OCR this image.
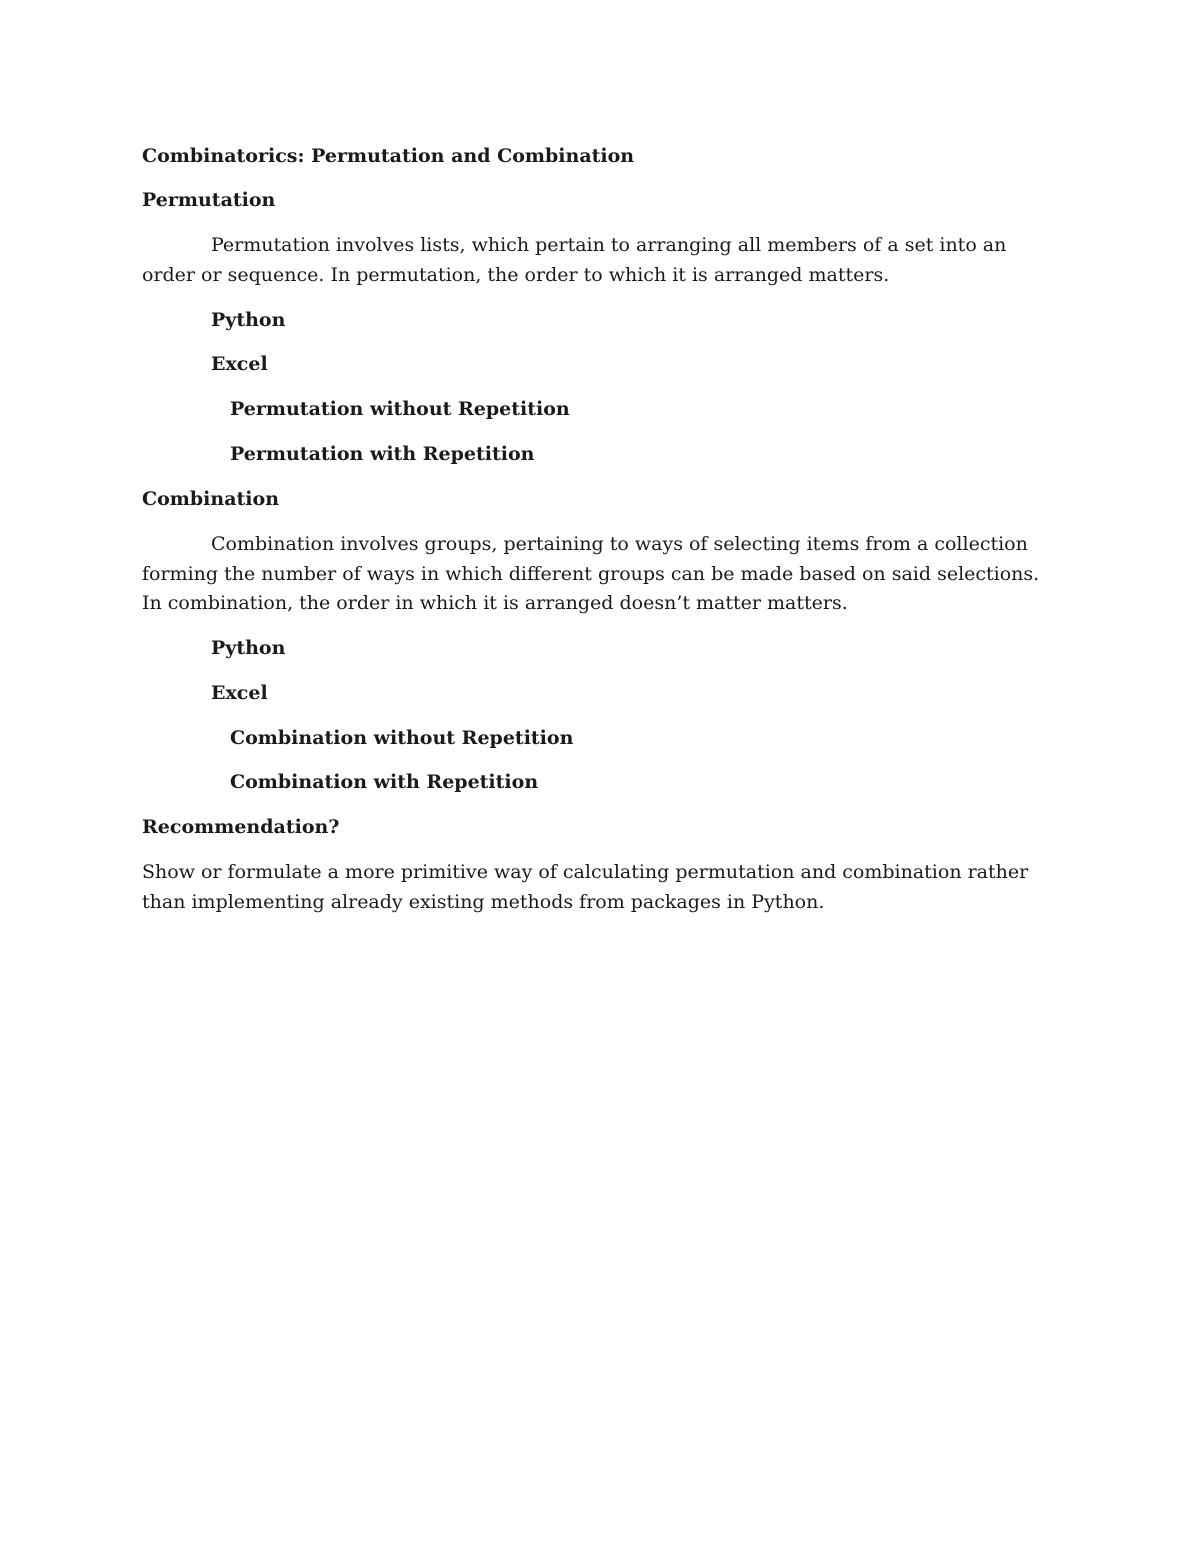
Combinatorics: Permutation and Combination

Permutation

Permutation involves lists, which pertain to arranging all members of a set into an order or sequence. In permutation, the order to which it is arranged matters.

Python

Excel

Permutation without Repetition

Permutation with Repetition

Combination

Combination involves groups, pertaining to ways of selecting items from a collection forming the number of ways in which different groups can be made based on said selections. In combination, the order in which it is arranged doesn’t matter matters.

Python

Excel

Combination without Repetition

Combination with Repetition

Recommendation?

Show or formulate a more primitive way of calculating permutation and combination rather than implementing already existing methods from packages in Python.
